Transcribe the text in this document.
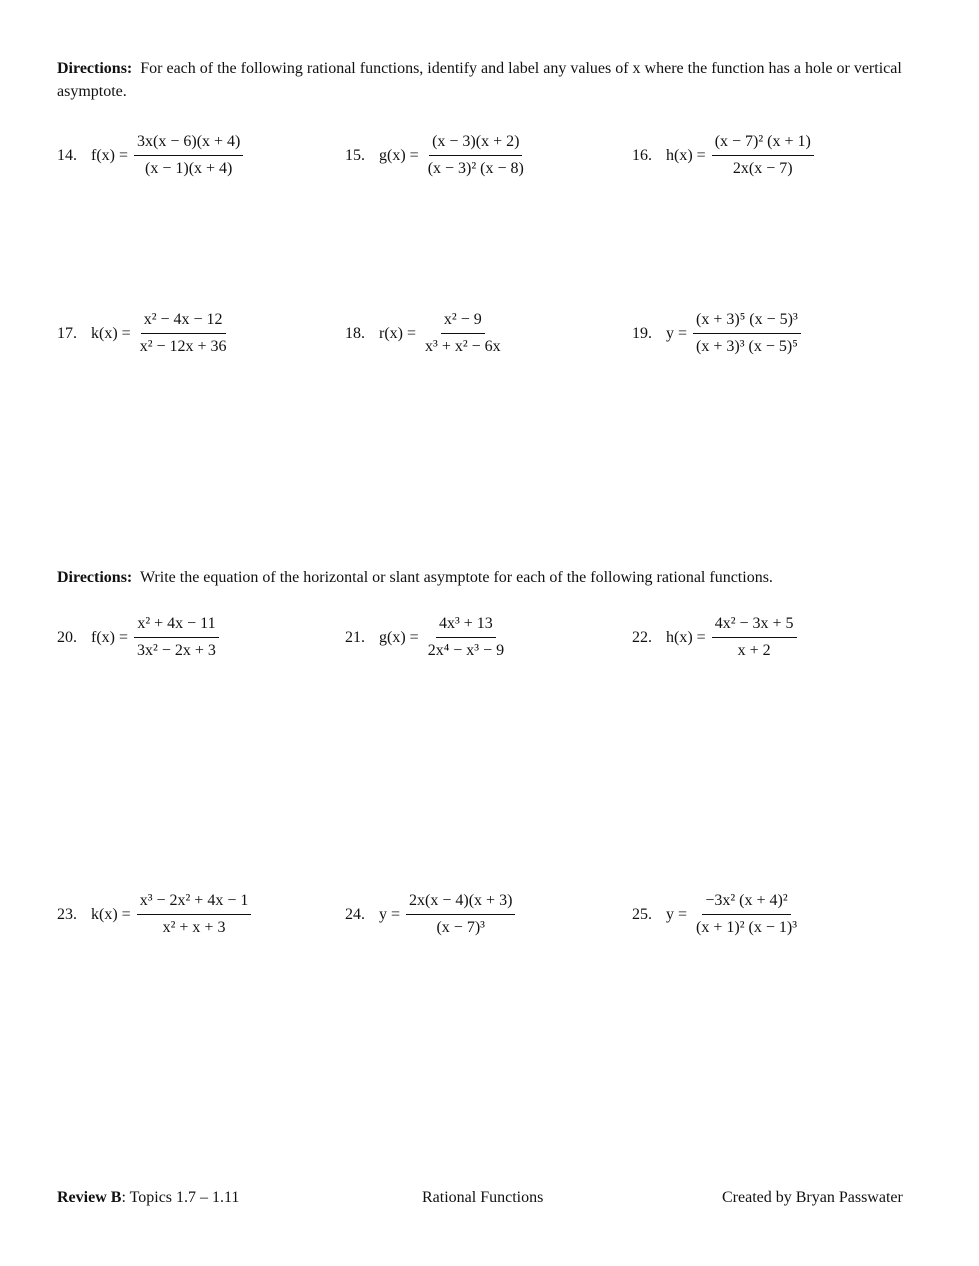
Directions: For each of the following rational functions, identify and label any values of x where the function has a hole or vertical asymptote.
14. $f(x) = \frac{3x(x - 6)(x + 4)}{(x - 1)(x + 4)}$	15. $g(x) = \frac{(x - 3)(x + 2)}{\text{(x − 3)² (x − 8)}}$	16. $h(x) = \frac{\text{(x − 7)² (x + 1)}}{2x(x - 7)}$
17. $k(x) = \frac{\text{x² − 4x − 12}}{\text{x² − 12x + 36}}$	18. $r(x) = \frac{\text{x² − 9}}{\text{x³ + x² − 6x}}$	19. $y = \frac{\text{(x + 3)⁵ (x − 5)³}}{\text{(x + 3)³ (x − 5)⁵}}$
Directions: Write the equation of the horizontal or slant asymptote for each of the following rational functions.
20. $f(x) = \frac{\text{x² + 4x − 11}}{\text{3x² − 2x + 3}}$	21. $g(x) = \frac{\text{4x³ + 13}}{\text{2x⁴ − x³ − 9}}$	22. $h(x) = \frac{\text{4x² − 3x + 5}}{x + 2}$
23. $k(x) = \frac{\text{x³ − 2x² + 4x − 1}}{\text{x² + x + 3}}$	24. $y = \frac{2x(x - 4)(x + 3)}{\text{(x − 7)³}}$	25. $y = \frac{\text{−3x² (x + 4)²}}{\text{(x + 1)² (x − 1)³}}$
Review B: Topics 1.7 – 1.11	Rational Functions	Created by Bryan Passwater
